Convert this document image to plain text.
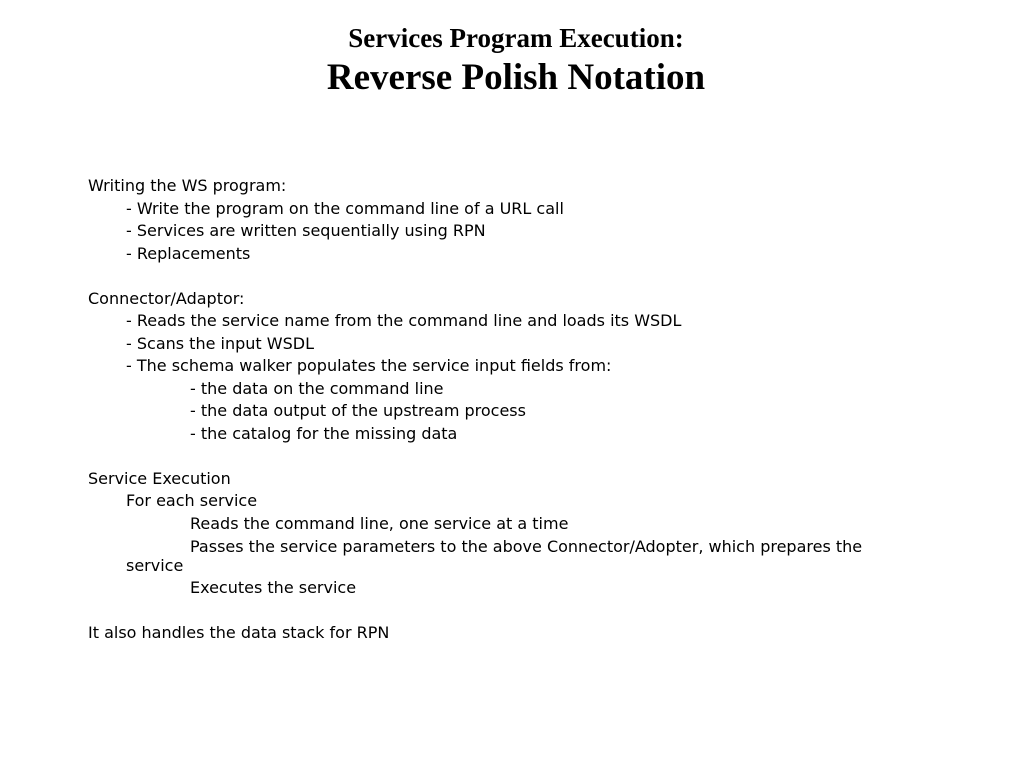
Services Program Execution:
Reverse Polish Notation
Writing the WS program:
- Write the program on the command line of a URL call
- Services are written sequentially using RPN
- Replacements
Connector/Adaptor:
- Reads the service name from the command line and loads its WSDL
- Scans the input WSDL
- The schema walker populates the service input fields from:
- the data on the command line
- the data output of the upstream process
- the catalog for the missing data
Service Execution
For each service
Reads the command line, one service at a time
Passes the service parameters to the above Connector/Adopter, which prepares the service
Executes the service
It also handles the data stack for RPN
